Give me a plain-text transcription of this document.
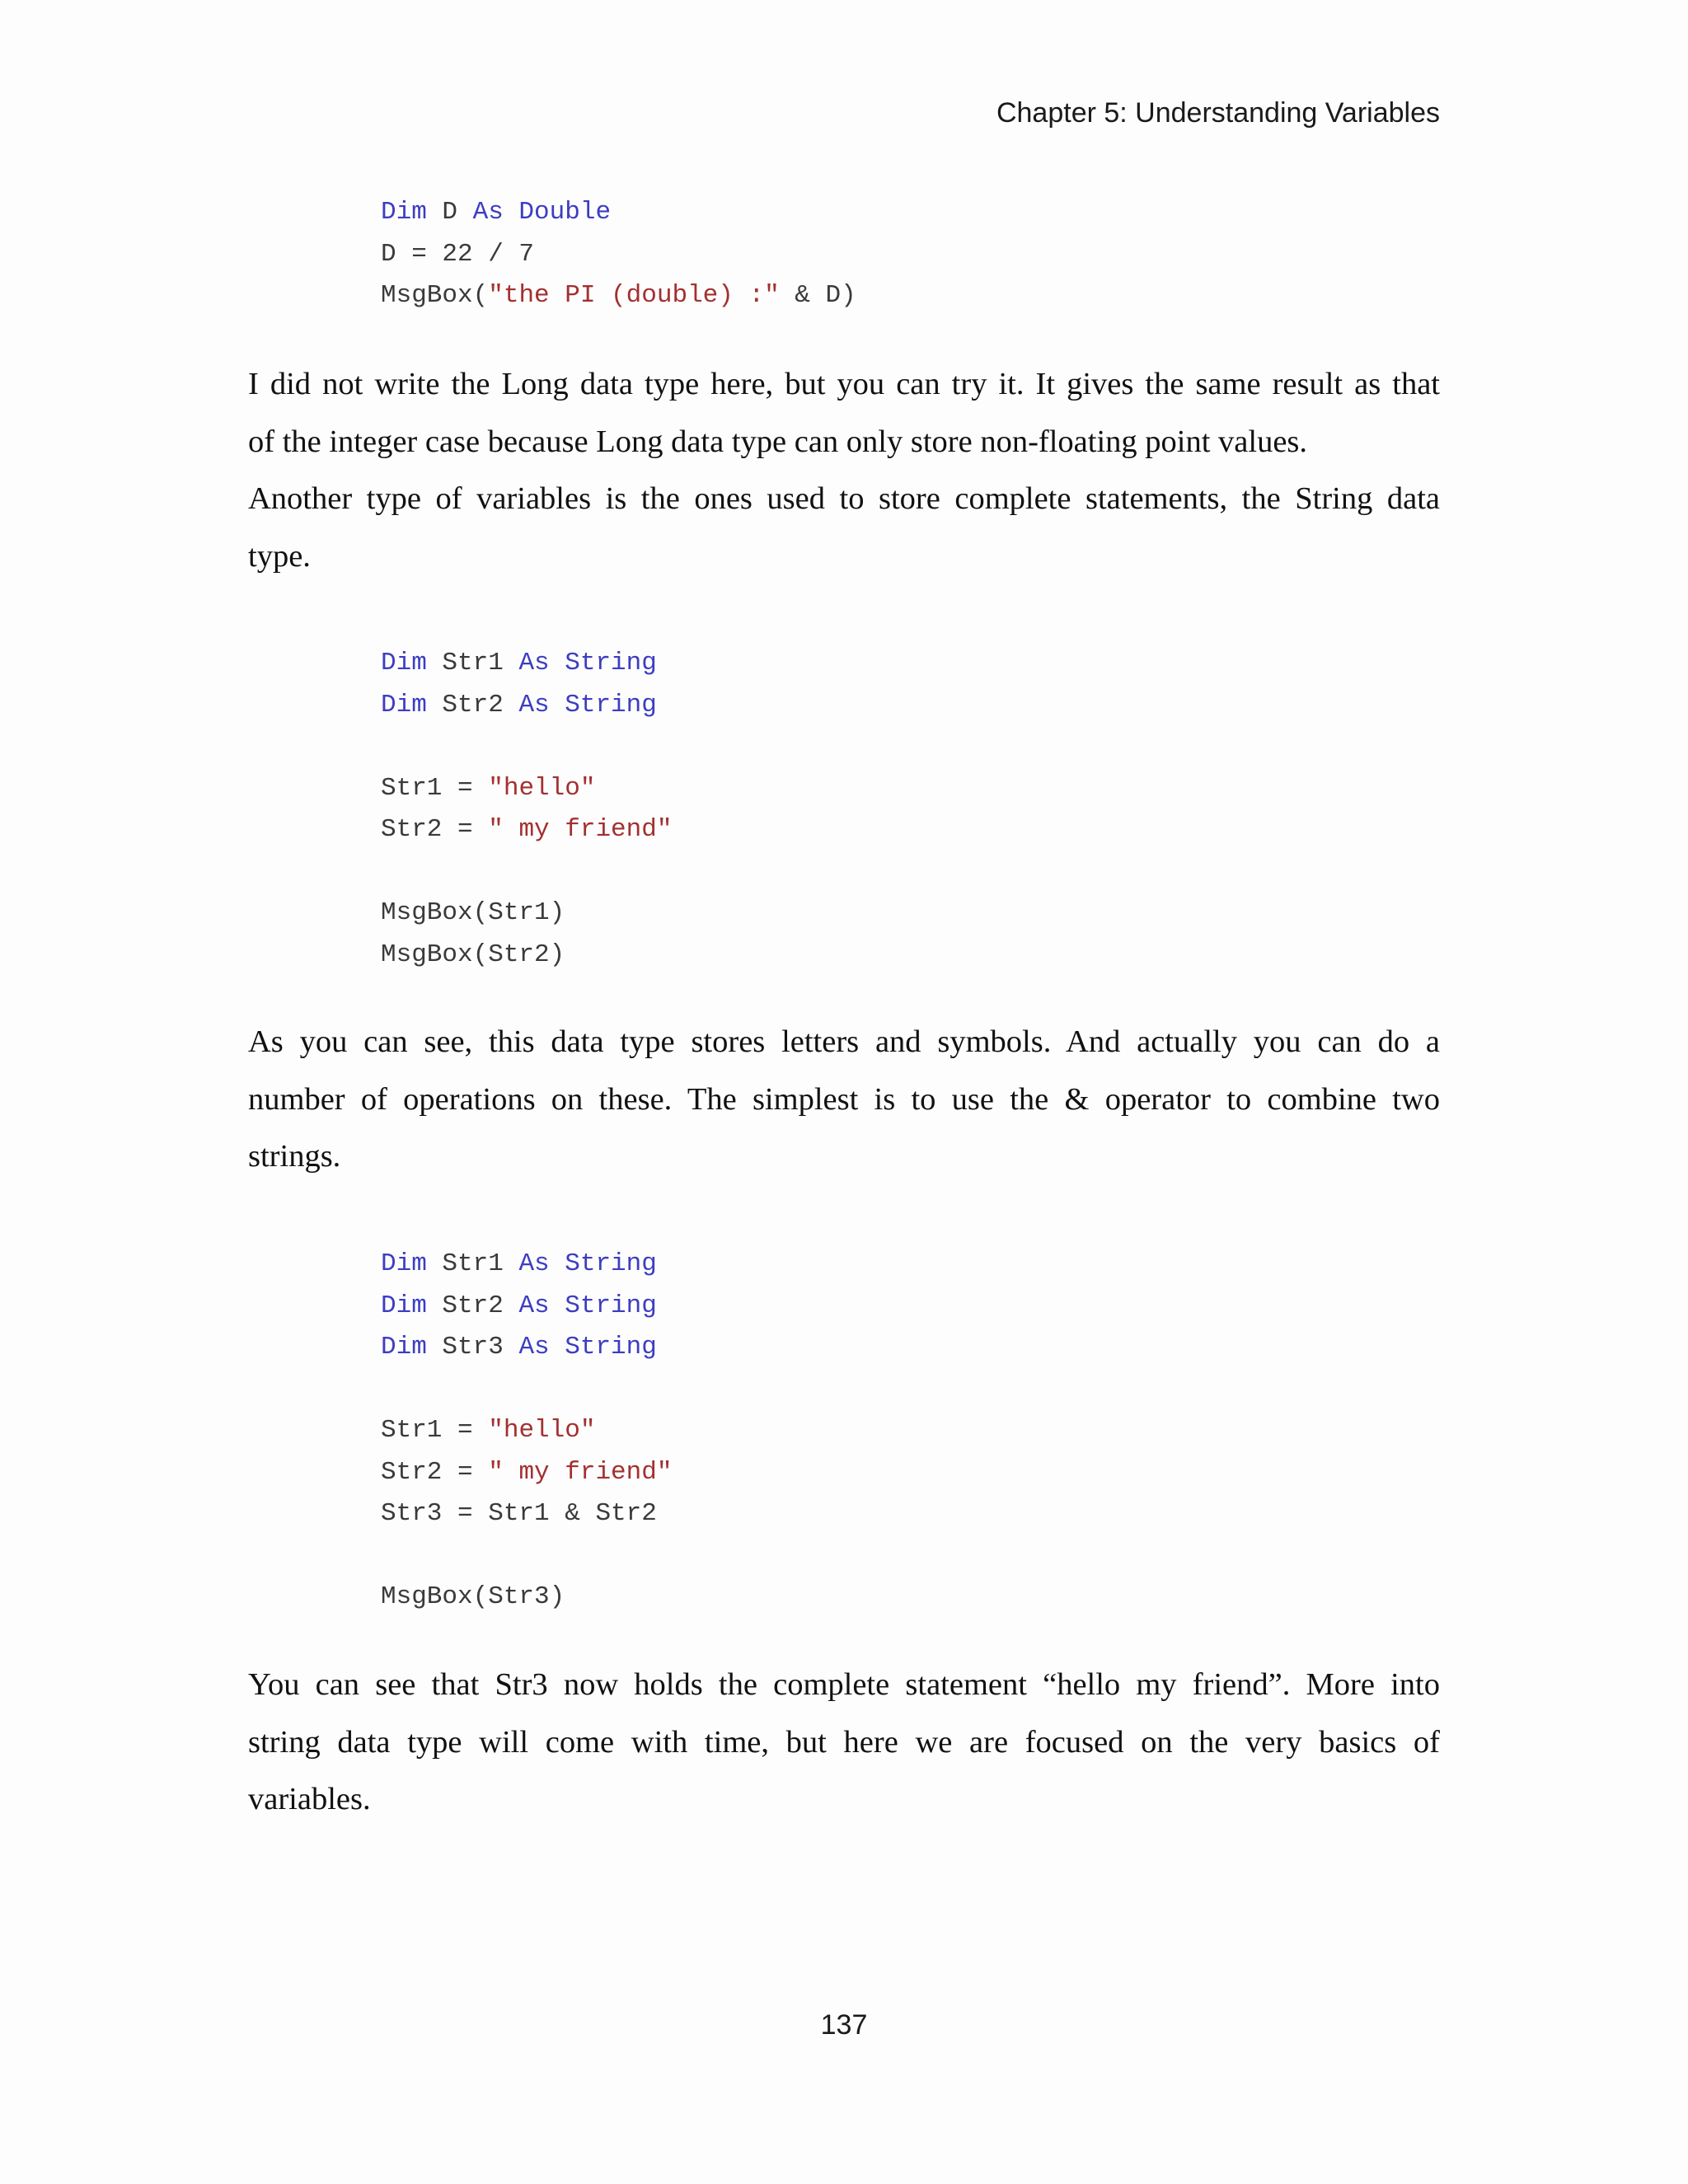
Chapter 5: Understanding Variables
Dim D As Double
D = 22 / 7
MsgBox("the PI (double) :" & D)
I did not write the Long data type here, but you can try it. It gives the same result as that
of the integer case because Long data type can only store non-floating point values.
Another type of variables is the ones used to store complete statements, the String data
type.
Dim Str1 As String
Dim Str2 As String
Str1 = "hello"
Str2 = " my friend"
MsgBox(Str1)
MsgBox(Str2)
As you can see, this data type stores letters and symbols. And actually you can do a
number of operations on these. The simplest is to use the & operator to combine two
strings.
Dim Str1 As String
Dim Str2 As String
Dim Str3 As String
Str1 = "hello"
Str2 = " my friend"
Str3 = Str1 & Str2
MsgBox(Str3)
You can see that Str3 now holds the complete statement “hello my friend”. More into
string data type will come with time, but here we are focused on the very basics of
variables.
137
